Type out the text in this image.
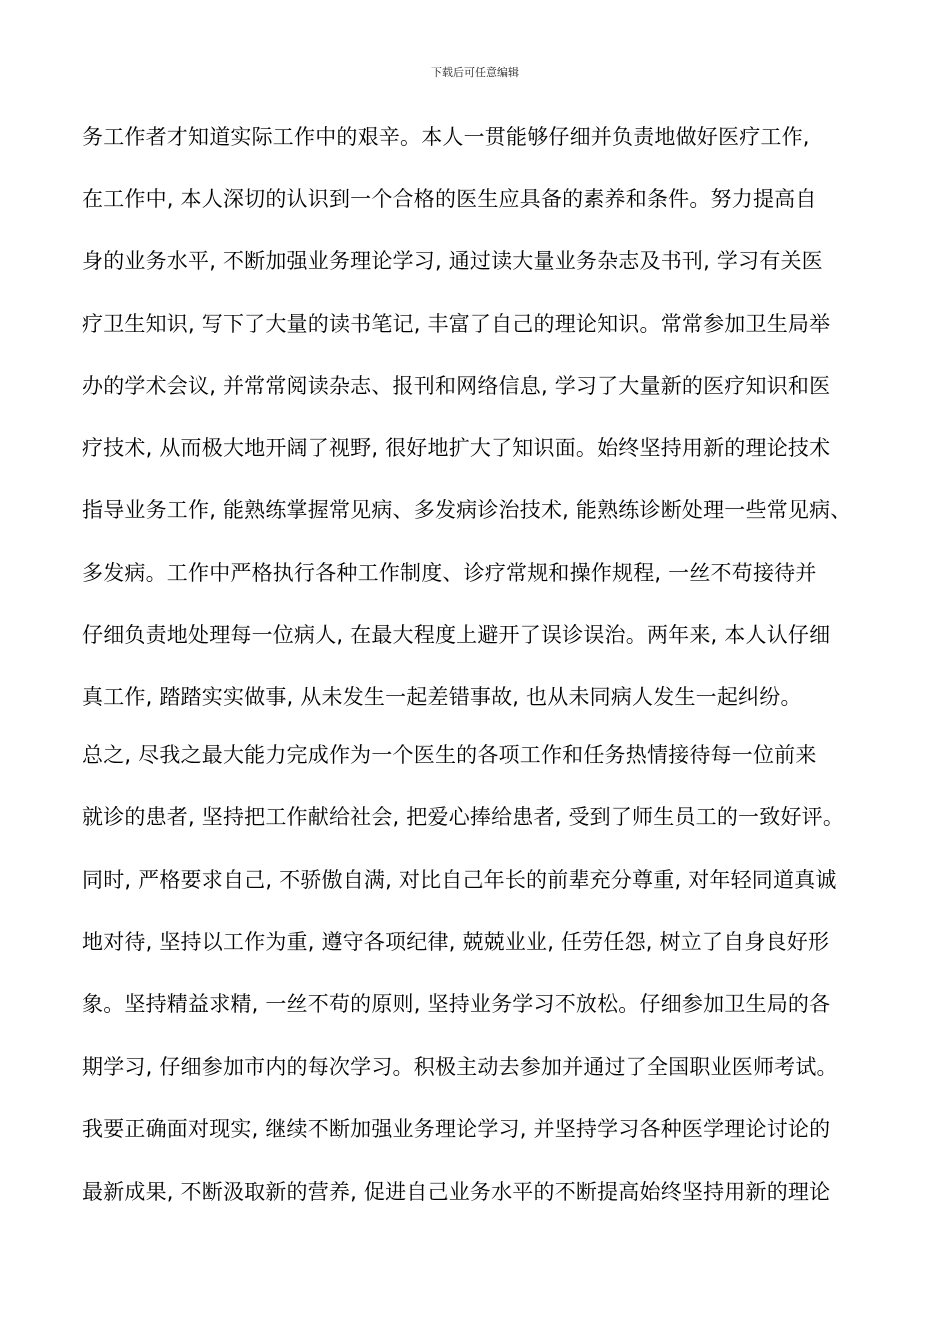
下载后可任意编辑
务工作者才知道实际工作中的艰辛。本人一贯能够仔细并负责地做好医疗工作,
在工作中, 本人深切的认识到一个合格的医生应具备的素养和条件。努力提高自
身的业务水平, 不断加强业务理论学习, 通过读大量业务杂志及书刊, 学习有关医
疗卫生知识, 写下了大量的读书笔记, 丰富了自己的理论知识。常常参加卫生局举
办的学术会议, 并常常阅读杂志、报刊和网络信息, 学习了大量新的医疗知识和医
疗技术, 从而极大地开阔了视野, 很好地扩大了知识面。始终坚持用新的理论技术
指导业务工作, 能熟练掌握常见病、多发病诊治技术, 能熟练诊断处理一些常见病、
多发病。工作中严格执行各种工作制度、诊疗常规和操作规程, 一丝不苟接待并
仔细负责地处理每一位病人, 在最大程度上避开了误诊误治。两年来, 本人认仔细
真工作, 踏踏实实做事, 从未发生一起差错事故, 也从未同病人发生一起纠纷。
总之, 尽我之最大能力完成作为一个医生的各项工作和任务热情接待每一位前来
就诊的患者, 坚持把工作献给社会, 把爱心捧给患者, 受到了师生员工的一致好评。
同时, 严格要求自己, 不骄傲自满, 对比自己年长的前辈充分尊重, 对年轻同道真诚
地对待, 坚持以工作为重, 遵守各项纪律, 兢兢业业, 任劳任怨, 树立了自身良好形
象。坚持精益求精, 一丝不苟的原则, 坚持业务学习不放松。仔细参加卫生局的各
期学习, 仔细参加市内的每次学习。积极主动去参加并通过了全国职业医师考试。
我要正确面对现实, 继续不断加强业务理论学习, 并坚持学习各种医学理论讨论的
最新成果, 不断汲取新的营养, 促进自己业务水平的不断提高始终坚持用新的理论
